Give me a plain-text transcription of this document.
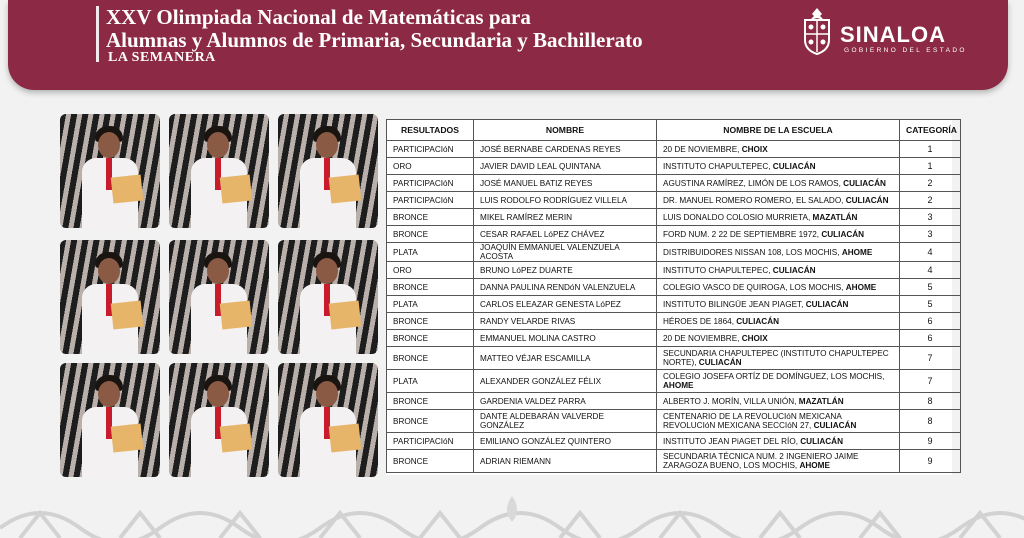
XXV Olimpiada Nacional de Matemáticas para
Alumnas y Alumnos de Primaria, Secundaria y Bachillerato
LA SEMANERA
SINALOA
GOBIERNO DEL ESTADO
RESULTADOS	NOMBRE	NOMBRE DE LA ESCUELA	CATEGORÍA
PARTICIPACIóN	JOSÉ BERNABE CARDENAS REYES	20 DE NOVIEMBRE, CHOIX	1
ORO	JAVIER DAVID LEAL QUINTANA	INSTITUTO CHAPULTEPEC, CULIACÁN	1
PARTICIPACIóN	JOSÉ MANUEL BATIZ REYES	AGUSTINA RAMÍREZ, LIMÓN DE LOS RAMOS, CULIACÁN	2
PARTICIPACIóN	LUIS RODOLFO RODRÍGUEZ VILLELA	DR. MANUEL ROMERO ROMERO, EL SALADO, CULIACÁN	2
BRONCE	MIKEL RAMÍREZ MERIN	LUIS DONALDO COLOSIO MURRIETA, MAZATLÁN	3
BRONCE	CESAR RAFAEL LóPEZ CHÁVEZ	FORD NUM. 2 22 DE SEPTIEMBRE 1972, CULIACÁN	3
PLATA	JOAQUÍN EMMANUEL VALENZUELA ACOSTA	DISTRIBUIDORES NISSAN 108, LOS MOCHIS, AHOME	4
ORO	BRUNO LóPEZ DUARTE	INSTITUTO CHAPULTEPEC, CULIACÁN	4
BRONCE	DANNA PAULINA RENDóN VALENZUELA	COLEGIO VASCO DE QUIROGA, LOS MOCHIS, AHOME	5
PLATA	CARLOS ELEAZAR GENESTA LóPEZ	INSTITUTO BILINGÜE JEAN PIAGET, CULIACÁN	5
BRONCE	RANDY VELARDE RIVAS	HÉROES DE 1864, CULIACÁN	6
BRONCE	EMMANUEL MOLINA CASTRO	20 DE NOVIEMBRE, CHOIX	6
BRONCE	MATTEO VÉJAR ESCAMILLA	SECUNDARIA CHAPULTEPEC (INSTITUTO CHAPULTEPEC NORTE), CULIACÁN	7
PLATA	ALEXANDER GONZÁLEZ FÉLIX	COLEGIO JOSEFA ORTÍZ DE DOMÍNGUEZ, LOS MOCHIS, AHOME	7
BRONCE	GARDENIA VALDEZ PARRA	ALBERTO J. MORÍN, VILLA UNIÓN, MAZATLÁN	8
BRONCE	DANTE ALDEBARÁN VALVERDE GONZÁLEZ	CENTENARIO DE LA REVOLUCIóN MEXICANA REVOLUCIóN MEXICANA SECCIóN 27, CULIACÁN	8
PARTICIPACIóN	EMILIANO GONZÁLEZ QUINTERO	INSTITUTO JEAN PiAGET DEL RÍO, CULIACÁN	9
BRONCE	ADRIAN RIEMANN	SECUNDARIA TÉCNICA NUM. 2 INGENIERO JAIME ZARAGOZA BUENO, LOS MOCHIS, AHOME	9
